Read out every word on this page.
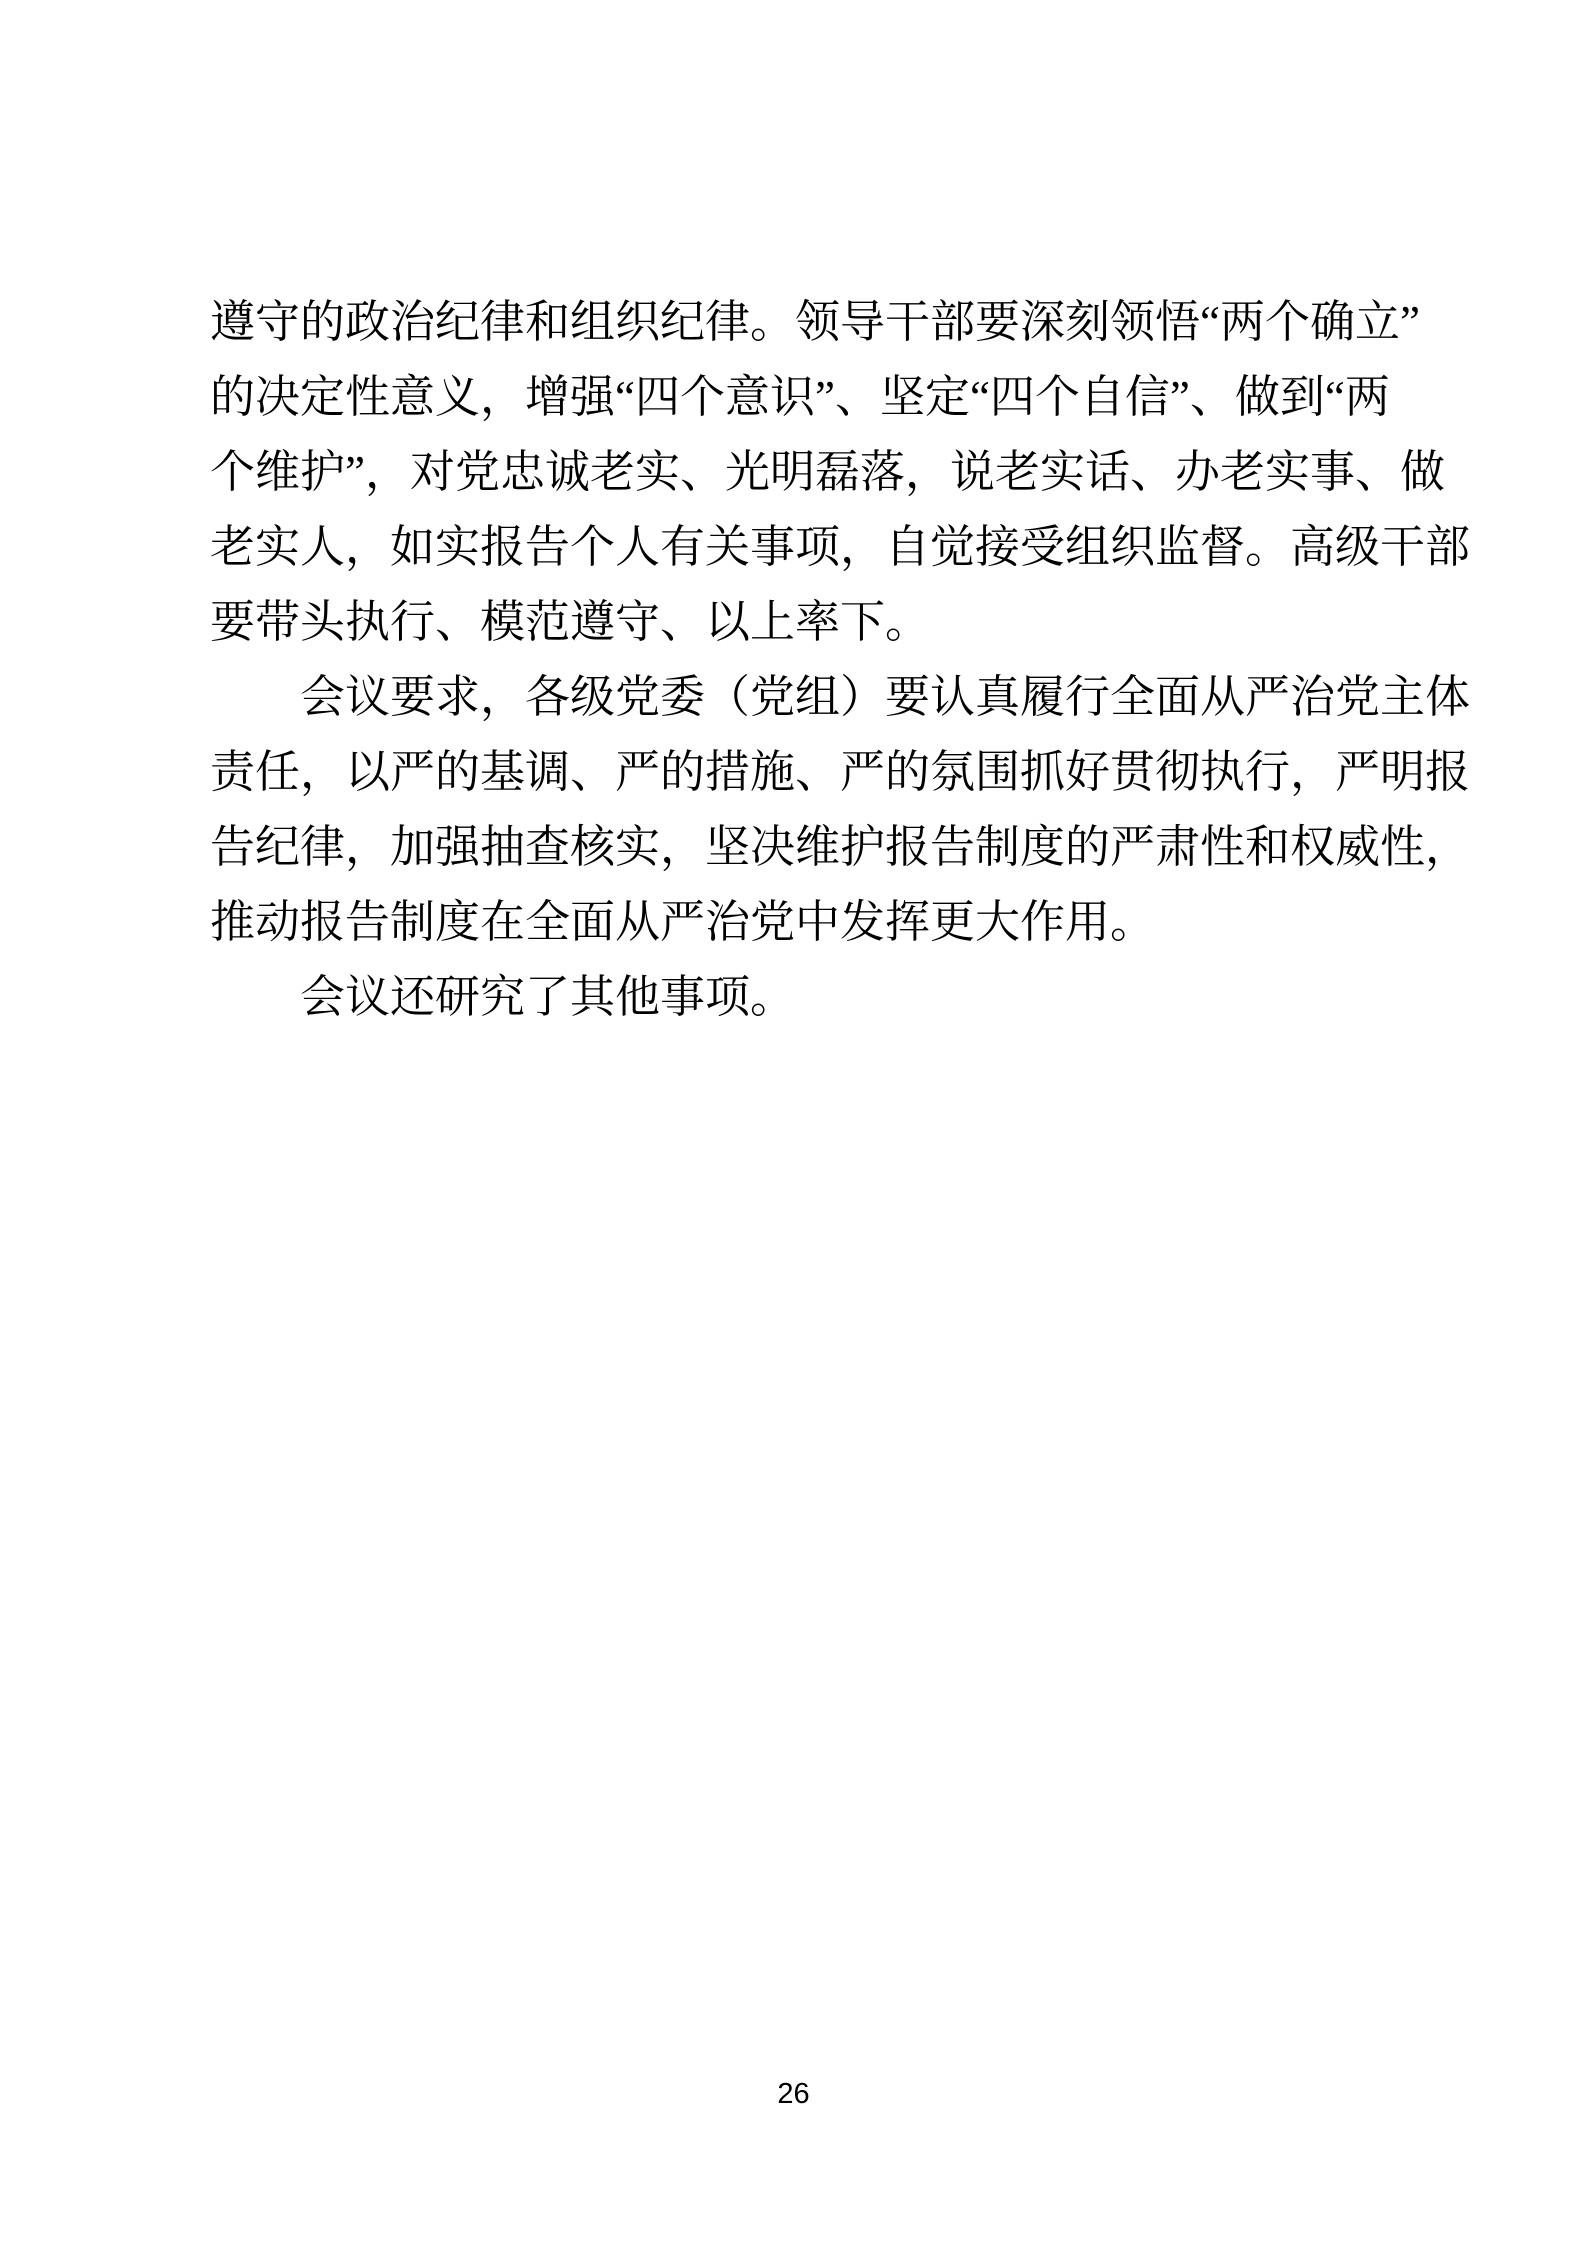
遵守的政治纪律和组织纪律。领导干部要深刻领悟“两个确立”
的决定性意义，增强“四个意识”、坚定“四个自信”、做到“两
个维护”，对党忠诚老实、光明磊落，说老实话、办老实事、做
老实人，如实报告个人有关事项，自觉接受组织监督。高级干部
要带头执行、模范遵守、以上率下。
会议要求，各级党委（党组）要认真履行全面从严治党主体
责任，以严的基调、严的措施、严的氛围抓好贯彻执行，严明报
告纪律，加强抽查核实，坚决维护报告制度的严肃性和权威性，
推动报告制度在全面从严治党中发挥更大作用。
会议还研究了其他事项。
26
